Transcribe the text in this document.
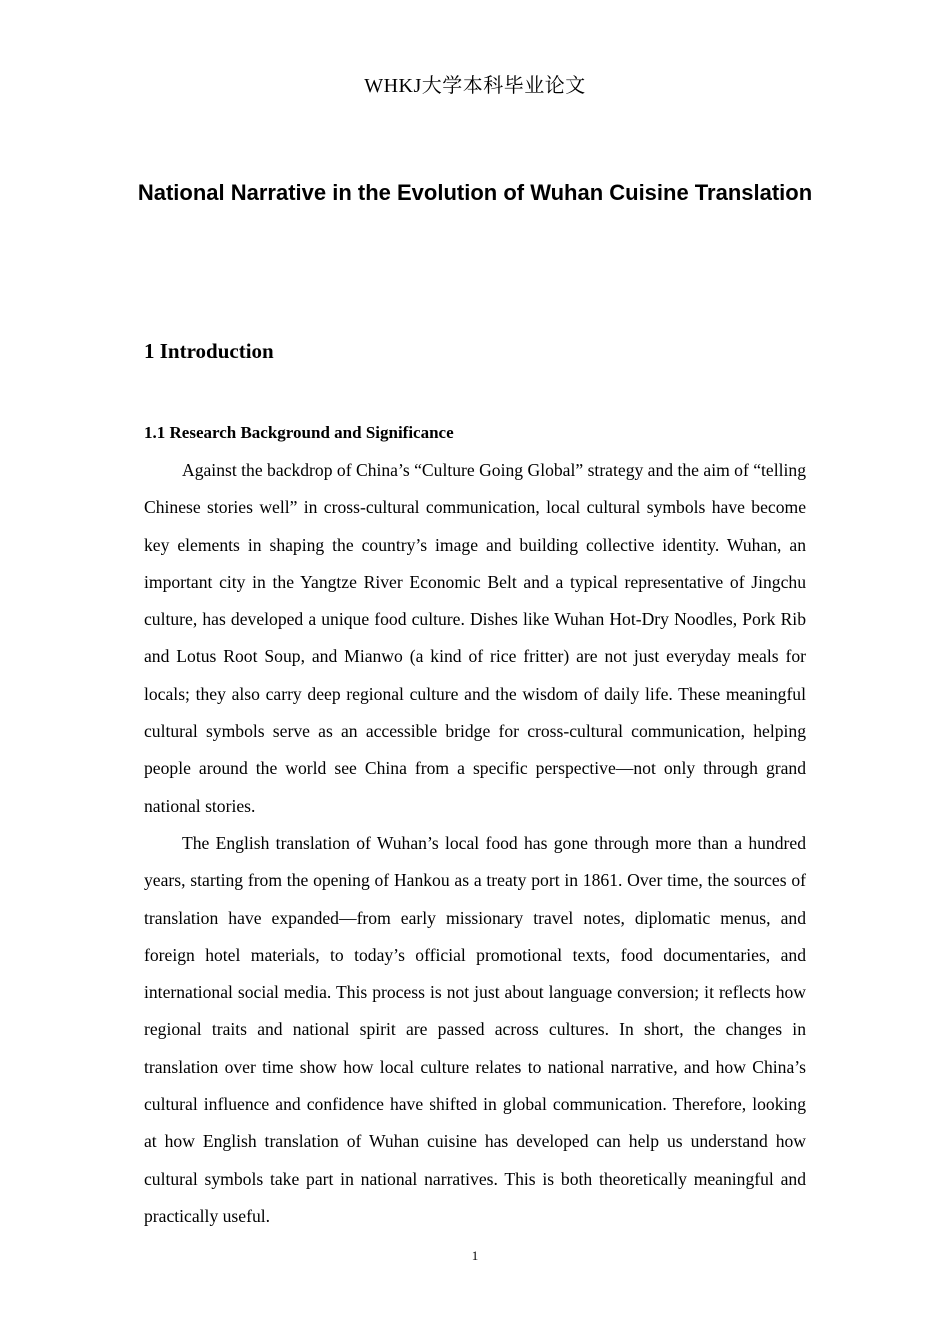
WHKJ大学本科毕业论文
National Narrative in the Evolution of Wuhan Cuisine Translation
1 Introduction
1.1 Research Background and Significance

Against the backdrop of China’s “Culture Going Global” strategy and the aim of “telling Chinese stories well” in cross-cultural communication, local cultural symbols have become key elements in shaping the country’s image and building collective identity. Wuhan, an important city in the Yangtze River Economic Belt and a typical representative of Jingchu culture, has developed a unique food culture. Dishes like Wuhan Hot-Dry Noodles, Pork Rib and Lotus Root Soup, and Mianwo (a kind of rice fritter) are not just everyday meals for locals; they also carry deep regional culture and the wisdom of daily life. These meaningful cultural symbols serve as an accessible bridge for cross-cultural communication, helping people around the world see China from a specific perspective—not only through grand national stories.

The English translation of Wuhan’s local food has gone through more than a hundred years, starting from the opening of Hankou as a treaty port in 1861. Over time, the sources of translation have expanded—from early missionary travel notes, diplomatic menus, and foreign hotel materials, to today’s official promotional texts, food documentaries, and international social media. This process is not just about language conversion; it reflects how regional traits and national spirit are passed across cultures. In short, the changes in translation over time show how local culture relates to national narrative, and how China’s cultural influence and confidence have shifted in global communication. Therefore, looking at how English translation of Wuhan cuisine has developed can help us understand how cultural symbols take part in national narratives. This is both theoretically meaningful and practically useful.

1
